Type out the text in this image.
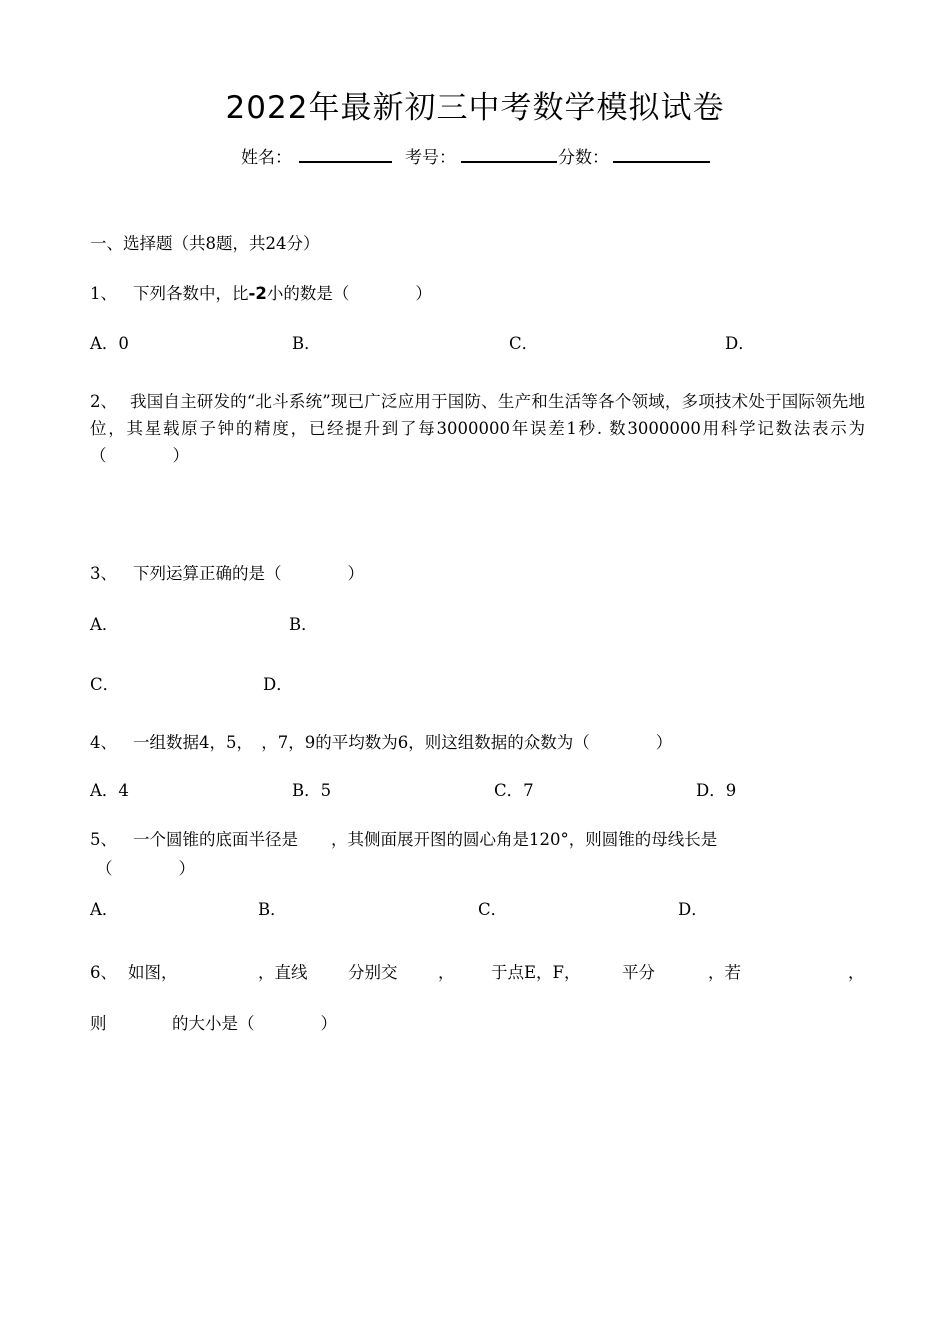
2022年最新初三中考数学模拟试卷
姓名：	考号：	分数：
一、选择题（共8题，共24分）
1、 下列各数中，比-2小的数是（　　　　）
A．0	B．	C．	D．
2、 我国自主研发的“北斗系统”现已广泛应用于国防、生产和生活等各个领域，多项技术处于国际领先地位，其星载原子钟的精度，已经提升到了每3000000年误差1秒. 数3000000用科学记数法表示为（　　　　）
3、 下列运算正确的是（　　　　）
A．	B．
C．	D．
4、 一组数据4，5，　，7，9的平均数为6，则这组数据的众数为（　　　　）
A．4	B．5	C．7	D．9
5、 一个圆锥的底面半径是　　，其侧面展开图的圆心角是120°，则圆锥的母线长是
（　　　　）
A．	B．	C．	D．
6、 如图，	，直线 分别交 ， 于点E，F，	平分	，若	，
则	的大小是（　　　　）
